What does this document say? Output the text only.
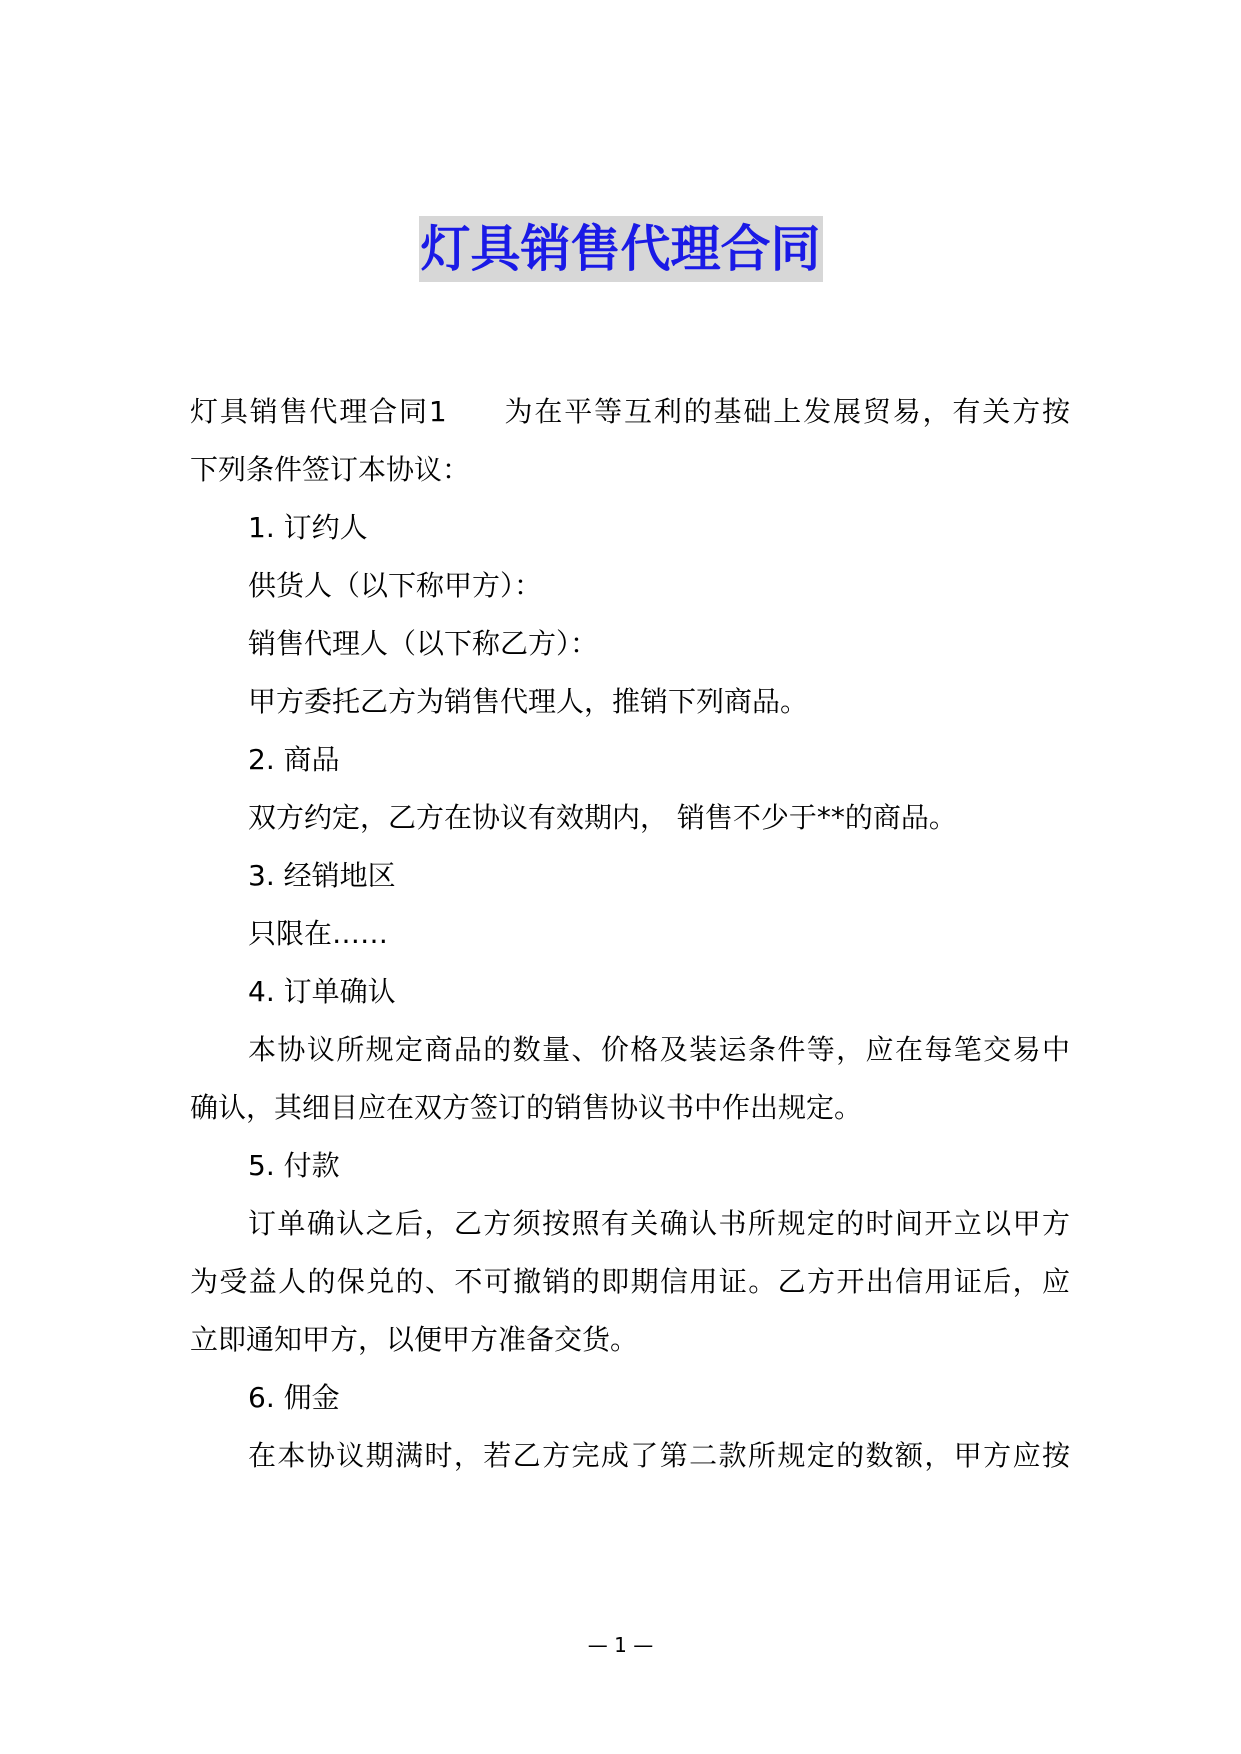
灯具销售代理合同
灯具销售代理合同1 为在平等互利的基础上发展贸易，有关方按
下列条件签订本协议：
1. 订约人
供货人（以下称甲方）：
销售代理人（以下称乙方）：
甲方委托乙方为销售代理人，推销下列商品。
2. 商品
双方约定，乙方在协议有效期内， 销售不少于**的商品。
3. 经销地区
只限在……
4. 订单确认
本协议所规定商品的数量、价格及装运条件等，应在每笔交易中
确认，其细目应在双方签订的销售协议书中作出规定。
5. 付款
订单确认之后，乙方须按照有关确认书所规定的时间开立以甲方
为受益人的保兑的、不可撤销的即期信用证。乙方开出信用证后，应
立即通知甲方，以便甲方准备交货。
6. 佣金
在本协议期满时，若乙方完成了第二款所规定的数额，甲方应按
— 1 —
